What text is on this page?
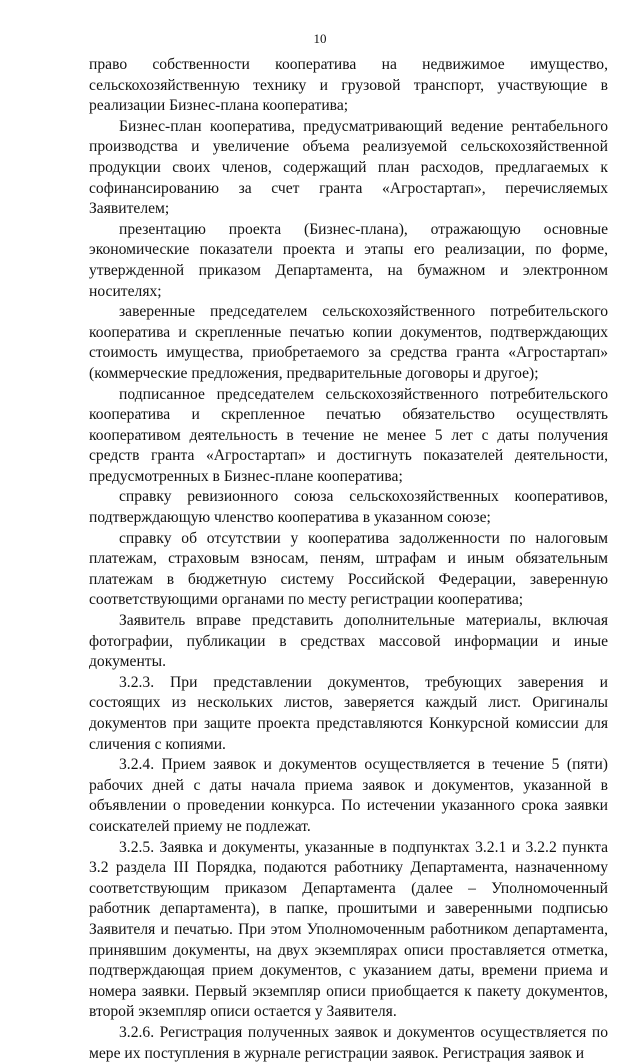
10

право собственности кооператива на недвижимое имущество, сельскохозяйственную технику и грузовой транспорт, участвующие в реализации Бизнес-плана кооператива;

Бизнес-план кооператива, предусматривающий ведение рентабельного производства и увеличение объема реализуемой сельскохозяйственной продукции своих членов, содержащий план расходов, предлагаемых к софинансированию за счет гранта «Агростартап», перечисляемых Заявителем;

презентацию проекта (Бизнес-плана), отражающую основные экономические показатели проекта и этапы его реализации, по форме, утвержденной приказом Департамента, на бумажном и электронном носителях;

заверенные председателем сельскохозяйственного потребительского кооператива и скрепленные печатью копии документов, подтверждающих стоимость имущества, приобретаемого за средства гранта «Агростартап» (коммерческие предложения, предварительные договоры и другое);

подписанное председателем сельскохозяйственного потребительского кооператива и скрепленное печатью обязательство осуществлять кооперативом деятельность в течение не менее 5 лет с даты получения средств гранта «Агростартап» и достигнуть показателей деятельности, предусмотренных в Бизнес-плане кооператива;

справку ревизионного союза сельскохозяйственных кооперативов, подтверждающую членство кооператива в указанном союзе;

справку об отсутствии у кооператива задолженности по налоговым платежам, страховым взносам, пеням, штрафам и иным обязательным платежам в бюджетную систему Российской Федерации, заверенную соответствующими органами по месту регистрации кооператива;

Заявитель вправе представить дополнительные материалы, включая фотографии, публикации в средствах массовой информации и иные документы.

3.2.3. При представлении документов, требующих заверения и состоящих из нескольких листов, заверяется каждый лист. Оригиналы документов при защите проекта представляются Конкурсной комиссии для сличения с копиями.

3.2.4. Прием заявок и документов осуществляется в течение 5 (пяти) рабочих дней с даты начала приема заявок и документов, указанной в объявлении о проведении конкурса. По истечении указанного срока заявки соискателей приему не подлежат.

3.2.5. Заявка и документы, указанные в подпунктах 3.2.1 и 3.2.2 пункта 3.2 раздела III Порядка, подаются работнику Департамента, назначенному соответствующим приказом Департамента (далее – Уполномоченный работник департамента), в папке, прошитыми и заверенными подписью Заявителя и печатью. При этом Уполномоченным работником департамента, принявшим документы, на двух экземплярах описи проставляется отметка, подтверждающая прием документов, с указанием даты, времени приема и номера заявки. Первый экземпляр описи приобщается к пакету документов, второй экземпляр описи остается у Заявителя.

3.2.6. Регистрация полученных заявок и документов осуществляется по мере их поступления в журнале регистрации заявок. Регистрация заявок и
